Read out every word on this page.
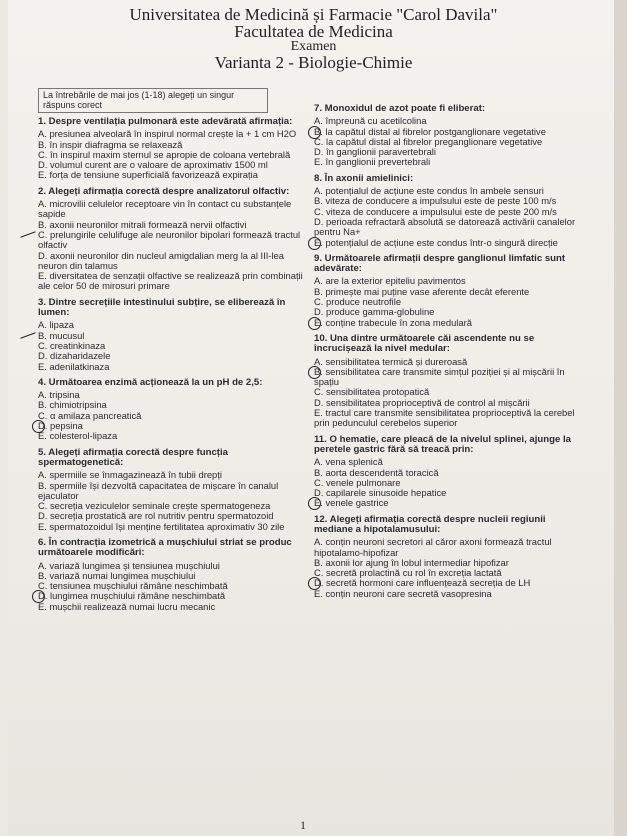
Universitatea de Medicină și Farmacie "Carol Davila"
Facultatea de Medicina
Examen
Varianta 2 - Biologie-Chimie
La întrebările de mai jos (1-18) alegeți un singur răspuns corect
1. Despre ventilația pulmonară este adevărată afirmația:
A. presiunea alveolară în inspirul normal crește la + 1 cm H2O
B. în inspir diafragma se relaxează
C. în inspirul maxim sternul se apropie de coloana vertebrală
D. volumul curent are o valoare de aproximativ 1500 ml
E. forța de tensiune superficială favorizează expirația
2. Alegeți afirmația corectă despre analizatorul olfactiv:
A. microvilii celulelor receptoare vin în contact cu substanțele sapide
B. axonii neuronilor mitrali formează nervii olfactivi
C. prelungirile celulifuge ale neuronilor bipolari formează tractul olfactiv
D. axonii neuronilor din nucleul amigdalian merg la al III-lea neuron din talamus
E. diversitatea de senzații olfactive se realizează prin combinații ale celor 50 de mirosuri primare
3. Dintre secrețiile intestinului subțire, se eliberează în lumen:
A. lipaza
B. mucusul
C. creatinkinaza
D. dizaharidazele
E. adenilatkinaza
4. Următoarea enzimă acționează la un pH de 2,5:
A. tripsina
B. chimiotripsina
C. α amilaza pancreatică
D. pepsina
E. colesterol-lipaza
5. Alegeți afirmația corectă despre funcția spermatogenetică:
A. spermiile se înmagazinează în tubii drepți
B. spermiile își dezvoltă capacitatea de mișcare în canalul ejaculator
C. secreția veziculelor seminale crește spermatogeneza
D. secreția prostatică are rol nutritiv pentru spermatozoid
E. spermatozoidul își menține fertilitatea aproximativ 30 zile
6. În contracția izometrică a mușchiului striat se produc următoarele modificări:
A. variază lungimea și tensiunea mușchiului
B. variază numai lungimea mușchiului
C. tensiunea mușchiului rămâne neschimbată
D. lungimea mușchiului rămâne neschimbată
E. mușchii realizează numai lucru mecanic
7. Monoxidul de azot poate fi eliberat:
A. împreună cu acetilcolina
B. la capătul distal al fibrelor postganglionare vegetative
C. la capătul distal al fibrelor preganglionare vegetative
D. în ganglionii paravertebrali
E. în ganglionii prevertebrali
8. În axonii amielinici:
A. potențialul de acțiune este condus în ambele sensuri
B. viteza de conducere a impulsului este de peste 100 m/s
C. viteza de conducere a impulsului este de peste 200 m/s
D. perioada refractară absolută se datorează activării canalelor pentru Na+
E. potențialul de acțiune este condus într-o singură direcție
9. Următoarele afirmații despre ganglionul limfatic sunt adevărate:
A. are la exterior epiteliu pavimentos
B. primește mai puține vase aferente decât eferente
C. produce neutrofile
D. produce gamma-globuline
E. conține trabecule în zona medulară
10. Una dintre următoarele căi ascendente nu se încrucișează la nivel medular:
A. sensibilitatea termică și dureroasă
B. sensibilitatea care transmite simțul poziției și al mișcării în spațiu
C. sensibilitatea protopatică
D. sensibilitatea proprioceptivă de control al mișcării
E. tractul care transmite sensibilitatea proprioceptivă la cerebel prin pedunculul cerebelos superior
11. O hematie, care pleacă de la nivelul splinei, ajunge la peretele gastric fără să treacă prin:
A. vena splenică
B. aorta descendentă toracică
C. venele pulmonare
D. capilarele sinusoide hepatice
E. venele gastrice
12. Alegeți afirmația corectă despre nucleii regiunii mediane a hipotalamusului:
A. conțin neuroni secretori al căror axoni formează tractul hipotalamo-hipofizar
B. axonii lor ajung în lobul intermediar hipofizar
C. secretă prolactină cu rol în excreția lactată
D. secretă hormoni care influențează secreția de LH
E. conțin neuroni care secretă vasopresina
1
